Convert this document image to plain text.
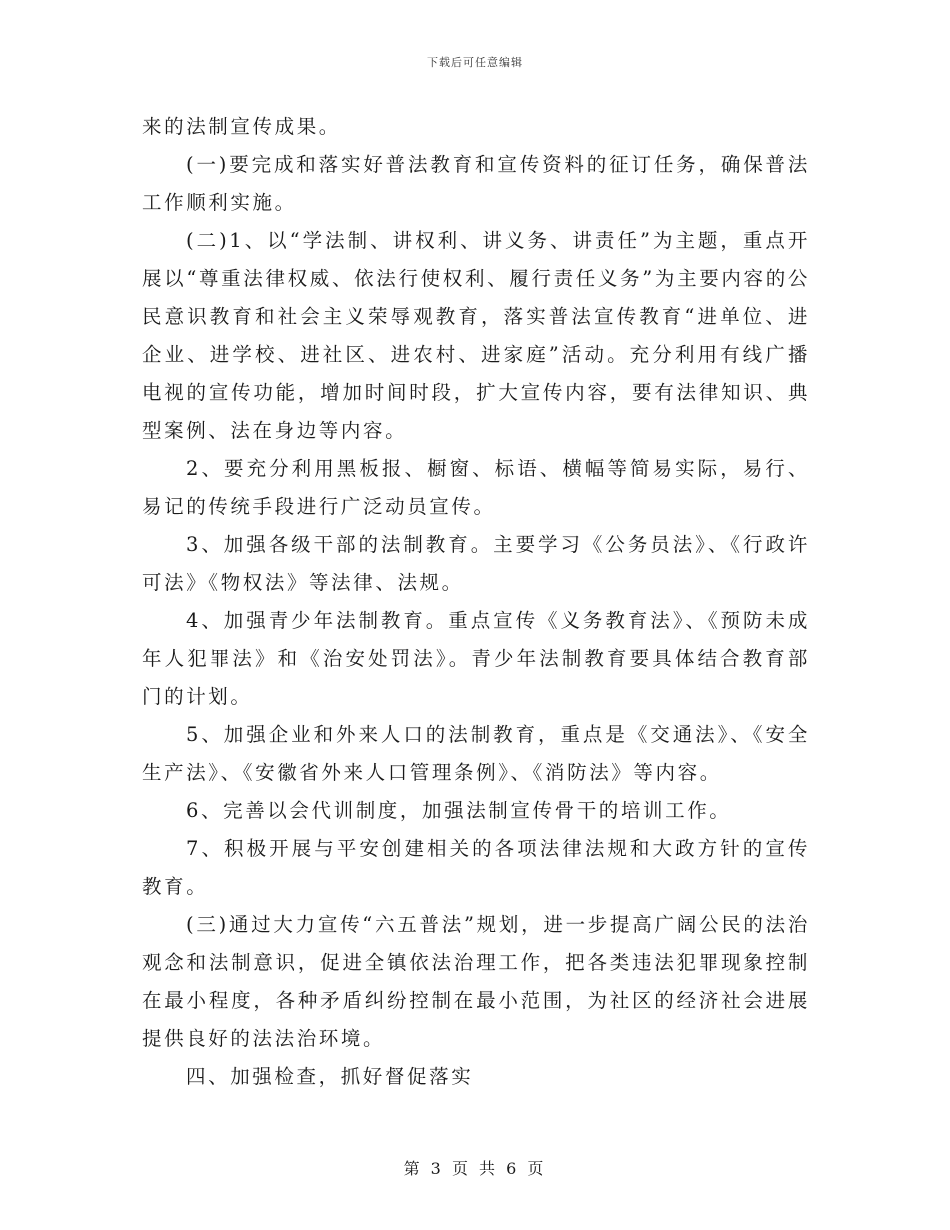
下载后可任意编辑

来的法制宣传成果。

(一)要完成和落实好普法教育和宣传资料的征订任务，确保普法工作顺利实施。

(二)1、以“学法制、讲权利、讲义务、讲责任”为主题，重点开展以“尊重法律权威、依法行使权利、履行责任义务”为主要内容的公民意识教育和社会主义荣辱观教育，落实普法宣传教育“进单位、进企业、进学校、进社区、进农村、进家庭”活动。充分利用有线广播电视的宣传功能，增加时间时段，扩大宣传内容，要有法律知识、典型案例、法在身边等内容。

2、要充分利用黑板报、橱窗、标语、横幅等简易实际，易行、易记的传统手段进行广泛动员宣传。

3、加强各级干部的法制教育。主要学习《公务员法》、《行政许可法》《物权法》等法律、法规。

4、加强青少年法制教育。重点宣传《义务教育法》、《预防未成年人犯罪法》和《治安处罚法》。青少年法制教育要具体结合教育部门的计划。

5、加强企业和外来人口的法制教育，重点是《交通法》、《安全生产法》、《安徽省外来人口管理条例》、《消防法》等内容。

6、完善以会代训制度，加强法制宣传骨干的培训工作。

7、积极开展与平安创建相关的各项法律法规和大政方针的宣传教育。

(三)通过大力宣传“六五普法”规划，进一步提高广阔公民的法治观念和法制意识，促进全镇依法治理工作，把各类违法犯罪现象控制在最小程度，各种矛盾纠纷控制在最小范围，为社区的经济社会进展提供良好的法法治环境。

四、加强检查，抓好督促落实

第 3 页 共 6 页
